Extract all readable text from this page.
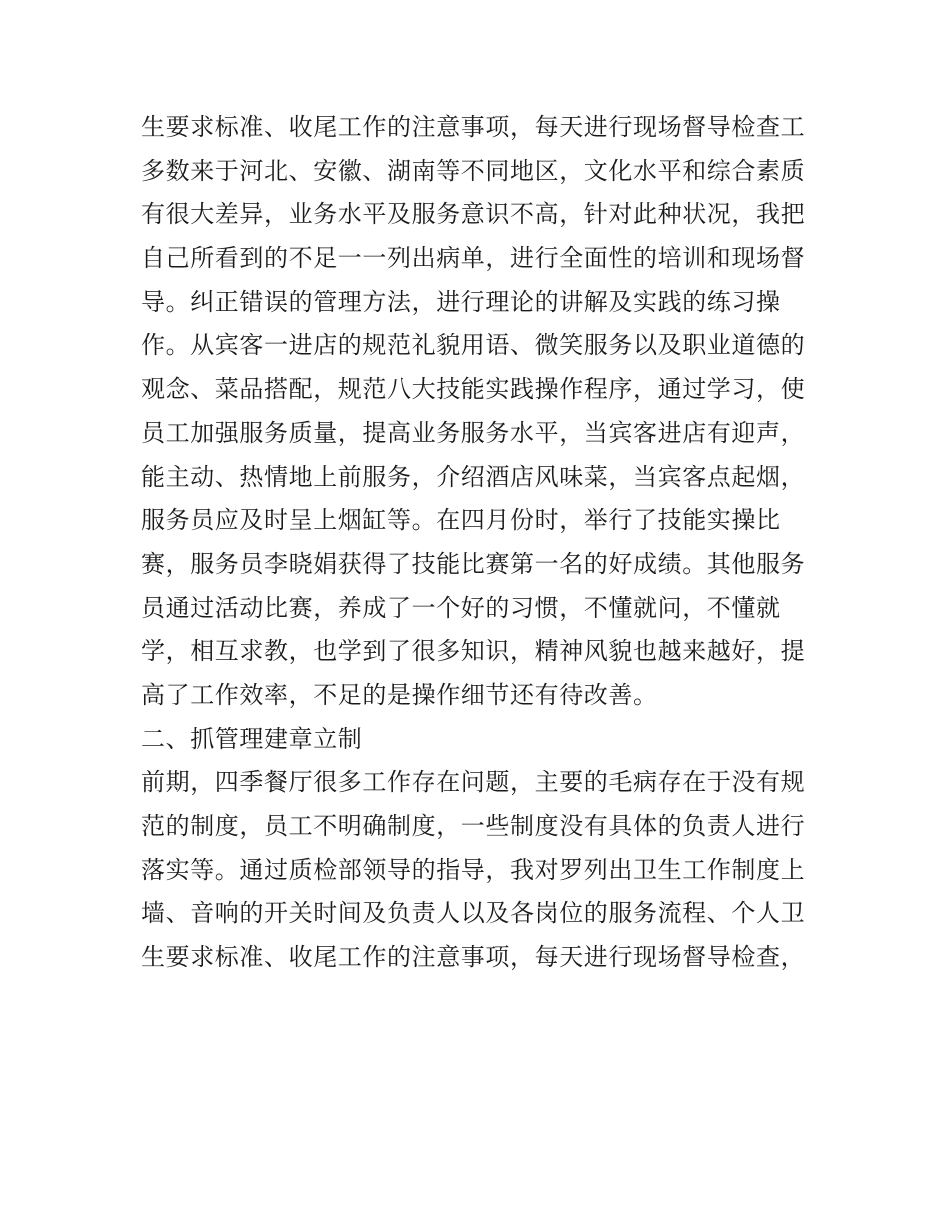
生要求标准、收尾工作的注意事项，每天进行现场督导检查工
多数来于河北、安徽、湖南等不同地区，文化水平和综合素质
有很大差异，业务水平及服务意识不高，针对此种状况，我把
自己所看到的不足一一列出病单，进行全面性的培训和现场督
导。纠正错误的管理方法，进行理论的讲解及实践的练习操
作。从宾客一进店的规范礼貌用语、微笑服务以及职业道德的
观念、菜品搭配，规范八大技能实践操作程序，通过学习，使
员工加强服务质量，提高业务服务水平，当宾客进店有迎声，
能主动、热情地上前服务，介绍酒店风味菜，当宾客点起烟，
服务员应及时呈上烟缸等。在四月份时，举行了技能实操比
赛，服务员李晓娟获得了技能比赛第一名的好成绩。其他服务
员通过活动比赛，养成了一个好的习惯，不懂就问，不懂就
学，相互求教，也学到了很多知识，精神风貌也越来越好，提
高了工作效率，不足的是操作细节还有待改善。
二、抓管理建章立制
前期，四季餐厅很多工作存在问题，主要的毛病存在于没有规
范的制度，员工不明确制度，一些制度没有具体的负责人进行
落实等。通过质检部领导的指导，我对罗列出卫生工作制度上
墙、音响的开关时间及负责人以及各岗位的服务流程、个人卫
生要求标准、收尾工作的注意事项，每天进行现场督导检查，
